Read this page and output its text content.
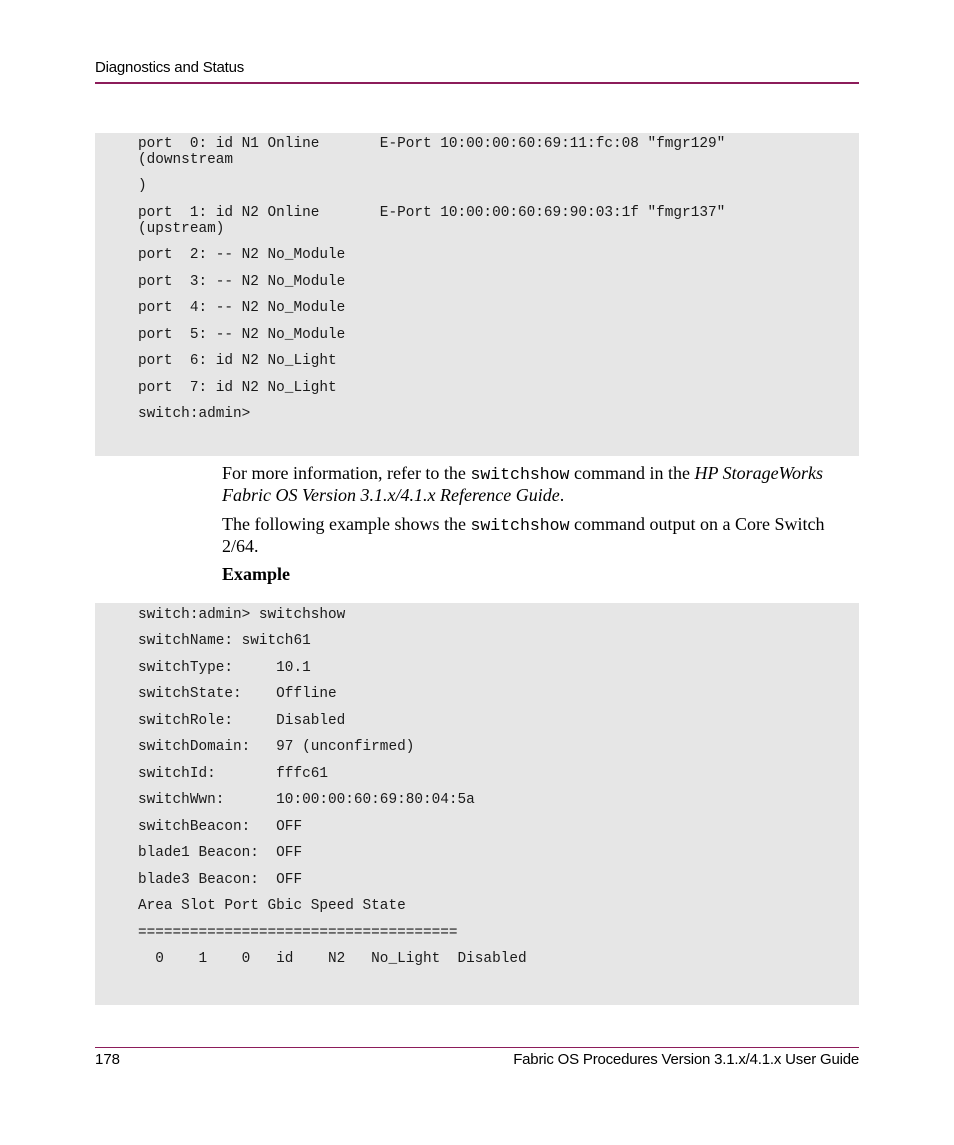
Diagnostics and Status
port  0: id N1 Online       E-Port 10:00:00:60:69:11:fc:08 "fmgr129"
(downstream
)
port  1: id N2 Online       E-Port 10:00:00:60:69:90:03:1f "fmgr137"
(upstream)
port  2: -- N2 No_Module
port  3: -- N2 No_Module
port  4: -- N2 No_Module
port  5: -- N2 No_Module
port  6: id N2 No_Light
port  7: id N2 No_Light
switch:admin>
For more information, refer to the switchshow command in the HP StorageWorks Fabric OS Version 3.1.x/4.1.x Reference Guide.
The following example shows the switchshow command output on a Core Switch 2/64.
Example
switch:admin> switchshow
switchName: switch61
switchType:     10.1
switchState:    Offline
switchRole:     Disabled
switchDomain:   97 (unconfirmed)
switchId:       fffc61
switchWwn:      10:00:00:60:69:80:04:5a
switchBeacon:   OFF
blade1 Beacon:  OFF
blade3 Beacon:  OFF
Area Slot Port Gbic Speed State
=====================================
0    1    0   id    N2   No_Light  Disabled
178	Fabric OS Procedures Version 3.1.x/4.1.x User Guide
